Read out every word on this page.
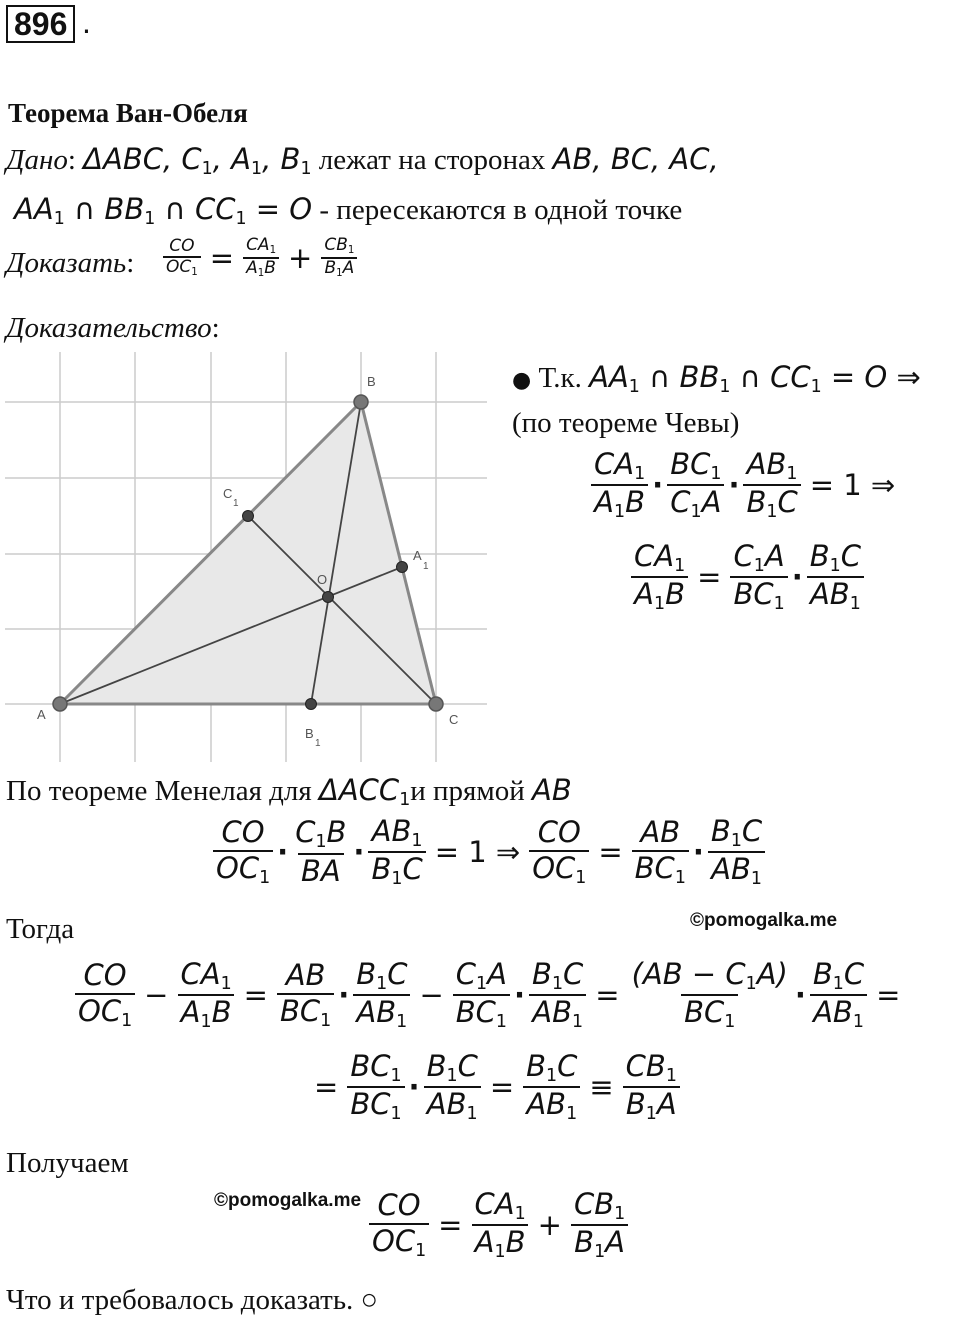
896 .
Теорема Ван-Обеля
Дано: ΔABC, $C_1$, $A_1$, $B_1$ лежат на сторонах AB, BC, AC,
$AA_1$ ∩ $BB_1$ ∩ $CC_1 = O$ - пересекаются в одной точке
Доказать: $\frac{CO}{OC_1} = \frac{CA_1}{A_1B} + \frac{CB_1}{B_1A}$
Доказательство:
A
B
C
O
A
1
B
1
C
1
● Т.к. $AA_1$ ∩ $BB_1$ ∩ $CC_1 = O$ ⇒
(по теореме Чевы)
$\frac{CA_1}{A_1B} \cdot \frac{BC_1}{C_1A} \cdot \frac{AB_1}{B_1C} = 1$ ⇒
$\frac{CA_1}{A_1B} = \frac{C_1A}{BC_1} \cdot \frac{B_1C}{AB_1}$
По теореме Менелая для $\Delta ACC_1и$ прямой AB
$\frac{CO}{OC_1} \cdot \frac{C_1B}{BA} \cdot \frac{AB_1}{B_1C} = 1$ ⇒ $\frac{CO}{OC_1} = \frac{AB}{BC_1} \cdot \frac{B_1C}{AB_1}$
©pomogalka.me
Тогда
$\frac{CO}{OC_1} - \frac{CA_1}{A_1B} = \frac{AB}{BC_1} \cdot \frac{B_1C}{AB_1} - \frac{C_1A}{BC_1} \cdot \frac{B_1C}{AB_1} = \frac{(AB - C_1A)}{BC_1} \cdot \frac{B_1C}{AB_1}$ =
= $\frac{BC_1}{BC_1} \cdot \frac{B_1C}{AB_1} = \frac{B_1C}{AB_1} \equiv \frac{CB_1}{B_1A}$
Получаем
©pomogalka.me $\frac{CO}{OC_1} = \frac{CA_1}{A_1B} + \frac{CB_1}{B_1A}$
Что и требовалось доказать. ○
